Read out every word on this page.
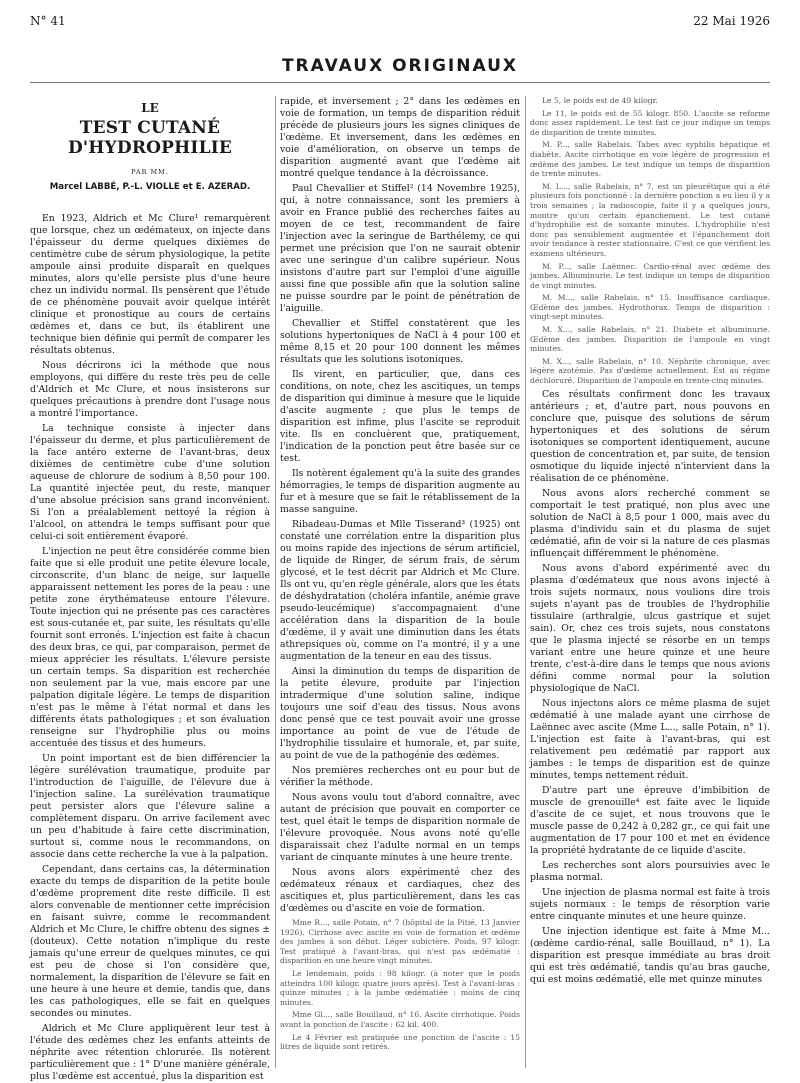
N° 41	22 Mai 1926
TRAVAUX ORIGINAUX
LE
TEST CUTANÉ D'HYDROPHILIE
PAR MM.
Marcel LABBÉ, P.-L. VIOLLE et E. AZERAD.

En 1923, Aldrich et Mc Clure¹ remarquèrent que lorsque, chez un œdémateux, on injecte dans l'épaisseur du derme quelques dixièmes de centimètre cube de sérum physiologique, la petite ampoule ainsi produite disparaît en quelques minutes, alors qu'elle persiste plus d'une heure chez un individu normal. Ils pensèrent que l'étude de ce phénomène pouvait avoir quelque intérêt clinique et pronostique au cours de certains œdèmes et, dans ce but, ils établirent une technique bien définie qui permît de comparer les résultats obtenus.

Nous décrirons ici la méthode que nous employons, qui diffère du reste très peu de celle d'Aldrich et Mc Clure, et nous insisterons sur quelques précautions à prendre dont l'usage nous a montré l'importance.

La technique consiste à injecter dans l'épaisseur du derme, et plus particulièrement de la face antéro externe de l'avant-bras, deux dixièmes de centimètre cube d'une solution aqueuse de chlorure de sodium à 8,50 pour 100. La quantité injectée peut, du reste, manquer d'une absolue précision sans grand inconvénient. Si l'on a préalablement nettoyé la région à l'alcool, on attendra le temps suffisant pour que celui-ci soit entièrement évaporé.

L'injection ne peut être considérée comme bien faite que si elle produit une petite élevure locale, circonscrite, d'un blanc de neige, sur laquelle apparaissent nettement les pores de la peau : une petite zone érythémateuse entoure l'élevure. Toute injection qui ne présente pas ces caractères est sous-cutanée et, par suite, les résultats qu'elle fournit sont erronés. L'injection est faite à chacun des deux bras, ce qui, par comparaison, permet de mieux apprécier les résultats. L'élevure persiste un certain temps. Sa disparition est recherchée non seulement par la vue, mais encore par une palpation digitale légère. Le temps de disparition n'est pas le même à l'état normal et dans les différents états pathologiques ; et son évaluation renseigne sur l'hydrophilie plus ou moins accentuée des tissus et des humeurs.

Un point important est de bien différencier la légère surélévation traumatique, produite par l'introduction de l'aiguille, de l'élevure due à l'injection saline. La surélévation traumatique peut persister alors que l'élevure saline a complètement disparu. On arrive facilement avec un peu d'habitude à faire cette discrimination, surtout si, comme nous le recommandons, on associe dans cette recherche la vue à la palpation.

Cependant, dans certains cas, la détermination exacte du temps de disparition de la petite boule d'œdème proprement dite reste difficile. Il est alors convenable de mentionner cette imprécision en faisant suivre, comme le recommandent Aldrich et Mc Clure, le chiffre obtenu des signes ± (douteux). Cette notation n'implique du reste jamais qu'une erreur de quelques minutes, ce qui est peu de chose si l'on considère que, normalement, la disparition de l'élevure se fait en une heure à une heure et demie, tandis que, dans les cas pathologiques, elle se fait en quelques secondes ou minutes.

Aldrich et Mc Clure appliquèrent leur test à l'étude des œdèmes chez les enfants atteints de néphrite avec rétention chlorurée. Ils notèrent particulièrement que : 1° D'une manière générale, plus l'œdème est accentué, plus la disparition est

rapide, et inversement ; 2° dans les œdèmes en voie de formation, un temps de disparition réduit précède de plusieurs jours les signes cliniques de l'œdème. Et inversement, dans les œdèmes en voie d'amélioration, on observe un temps de disparition augmenté avant que l'œdème ait montré quelque tendance à la décroissance.

Paul Chevallier et Stiffel² (14 Novembre 1925), qui, à notre connaissance, sont les premiers à avoir en France publié des recherches faites au moyen de ce test, recommandent de faire l'injection avec la seringue de Barthélemy, ce qui permet une précision que l'on ne saurait obtenir avec une seringue d'un calibre supérieur. Nous insistons d'autre part sur l'emploi d'une aiguille aussi fine que possible afin que la solution saline ne puisse sourdre par le point de pénétration de l'aiguille.

Chevallier et Stiffel constatèrent que les solutions hypertoniques de NaCl à 4 pour 100 et même 8,15 et 20 pour 100 donnent les mêmes résultats que les solutions isotoniques.

Ils virent, en particulier, que, dans ces conditions, on note, chez les ascitiques, un temps de disparition qui diminue à mesure que le liquide d'ascite augmente ; que plus le temps de disparition est infime, plus l'ascite se reproduit vite. Ils en concluèrent que, pratiquement, l'indication de la ponction peut être basée sur ce test.

Ils notèrent également qu'à la suite des grandes hémorragies, le temps de disparition augmente au fur et à mesure que se fait le rétablissement de la masse sanguine.

Ribadeau-Dumas et Mlle Tisserand³ (1925) ont constaté une corrélation entre la disparition plus ou moins rapide des injections de sérum artificiel, de liquide de Ringer, de sérum frais, de sérum glycosé, et le test décrit par Aldrich et Mc Clure. Ils ont vu, qu'en règle générale, alors que les états de déshydratation (choléra infantile, anémie grave pseudo-leucémique) s'accompagnaient d'une accélération dans la disparition de la boule d'œdème, il y avait une diminution dans les états athrepsiques où, comme on l'a montré, il y a une augmentation de la teneur en eau des tissus.

Ainsi la diminution du temps de disparition de la petite élevure, produite par l'injection intradermique d'une solution saline, indique toujours une soif d'eau des tissus. Nous avons donc pensé que ce test pouvait avoir une grosse importance au point de vue de l'étude de l'hydrophilie tissulaire et humorale, et, par suite, au point de vue de la pathogénie des œdèmes.

Nos premières recherches ont eu pour but de vérifier la méthode.

Nous avons voulu tout d'abord connaître, avec autant de précision que pouvait en comporter ce test, quel était le temps de disparition normale de l'élevure provoquée. Nous avons noté qu'elle disparaissait chez l'adulte normal en un temps variant de cinquante minutes à une heure trente.

Nous avons alors expérimenté chez des œdémateux rénaux et cardiaques, chez des ascitiques et, plus particulièrement, dans les cas d'œdèmes ou d'ascite en voie de formation.

Mme R..., salle Potain, n° 7 (hôpital de la Pitié, 13 Janvier 1926). Cirrhose avec ascite en voie de formation et œdème des jambes à son début. Léger subictère. Poids, 97 kilogr. Test pratiqué à l'avant-bras, qui n'est pas œdématié : disparition en une heure vingt minutes.

Le lendemain, poids : 98 kilogr. (à noter que le poids atteindra 100 kilogr. quatre jours après). Test à l'avant-bras : quinze minutes ; à la jambe œdématiée : moins de cinq minutes.

Mme Gl..., salle Bouillaud, n° 16. Ascite cirrhotique. Poids avant la ponction de l'ascite : 62 kil. 400.

Le 4 Février est pratiquée une ponction de l'ascite : 15 litres de liquide sont retirés.

Le 5, le poids est de 49 kilogr.

Le 11, le poids est de 55 kilogr. 850. L'ascite se reforme donc assez rapidement. Le test fait ce jour indique un temps de disparition de trente minutes.

M. P..., salle Rabelais. Tabes avec syphilis hépatique et diabète. Ascite cirrhotique en voie légère de progression et œdème des jambes. Le test indique un temps de disparition de trente minutes.

M. L..., salle Rabelais, n° 7, est un pleurétique qui a été plusieurs fois ponctionné : la dernière ponction a eu lieu il y a trois semaines ; la radioscopie, faite il y a quelques jours, montre qu'un certain épanchement. Le test cutané d'hydrophilie est de soixante minutes. L'hydrophilie n'est donc pas sensiblement augmentée et l'épanchement doit avoir tendance à rester stationnaire. C'est ce que vérifient les examens ultérieurs.

M. P..., salle Laënnec. Cardio-rénal avec œdème des jambes. Albuminurie. Le test indique un temps de disparition de vingt minutes.

M. M..., salle Rabelais, n° 15. Insuffisance cardiaque. Œdème des jambes. Hydrothorax. Temps de disparition : vingt-sept minutes.

M. X..., salle Rabelais, n° 21. Diabète et albuminurie. Œdème des jambes. Disparition de l'ampoule en vingt minutes.

M. X..., salle Rabelais, n° 10. Néphrite chronique, avec légère azotémie. Pas d'œdème actuellement. Est au régime déchloruré. Disparition de l'ampoule en trente-cinq minutes.

Ces résultats confirment donc les travaux antérieurs ; et, d'autre part, nous pouvons en conclure que, puisque des solutions de sérum hypertoniques et des solutions de sérum isotoniques se comportent identiquement, aucune question de concentration et, par suite, de tension osmotique du liquide injecté n'intervient dans la réalisation de ce phénomène.

Nous avons alors recherché comment se comportait le test pratiqué, non plus avec une solution de NaCl à 8,5 pour 1 000, mais avec du plasma d'individu sain et du plasma de sujet œdématié, afin de voir si la nature de ces plasmas influençait différemment le phénomène.

Nous avons d'abord expérimenté avec du plasma d'œdémateux que nous avons injecté à trois sujets normaux, nous voulions dire trois sujets n'ayant pas de troubles de l'hydrophilie tissulaire (arthralgie, ulcus gastrique et sujet sain). Or, chez ces trois sujets, nous constatons que le plasma injecté se résorbe en un temps variant entre une heure quinze et une heure trente, c'est-à-dire dans le temps que nous avions défini comme normal pour la solution physiologique de NaCl.

Nous injectons alors ce même plasma de sujet œdématié à une malade ayant une cirrhose de Laënnec avec ascite (Mme L..., salle Potain, n° 1). L'injection est faite à l'avant-bras, qui est relativement peu œdématié par rapport aux jambes : le temps de disparition est de quinze minutes, temps nettement réduit.

D'autre part une épreuve d'imbibition de muscle de grenouille⁴ est faite avec le liquide d'ascite de ce sujet, et nous trouvons que le muscle passe de 0,242 à 0,282 gr., ce qui fait une augmentation de 17 pour 100 et met en évidence la propriété hydratante de ce liquide d'ascite.

Les recherches sont alors poursuivies avec le plasma normal.

Une injection de plasma normal est faite à trois sujets normaux : le temps de résorption varie entre cinquante minutes et une heure quinze.

Une injection identique est faite à Mme M... (œdème cardio-rénal, salle Bouillaud, n° 1). La disparition est presque immédiate au bras droit qui est très œdématié, tandis qu'au bras gauche, qui est moins œdématié, elle met quinze minutes
